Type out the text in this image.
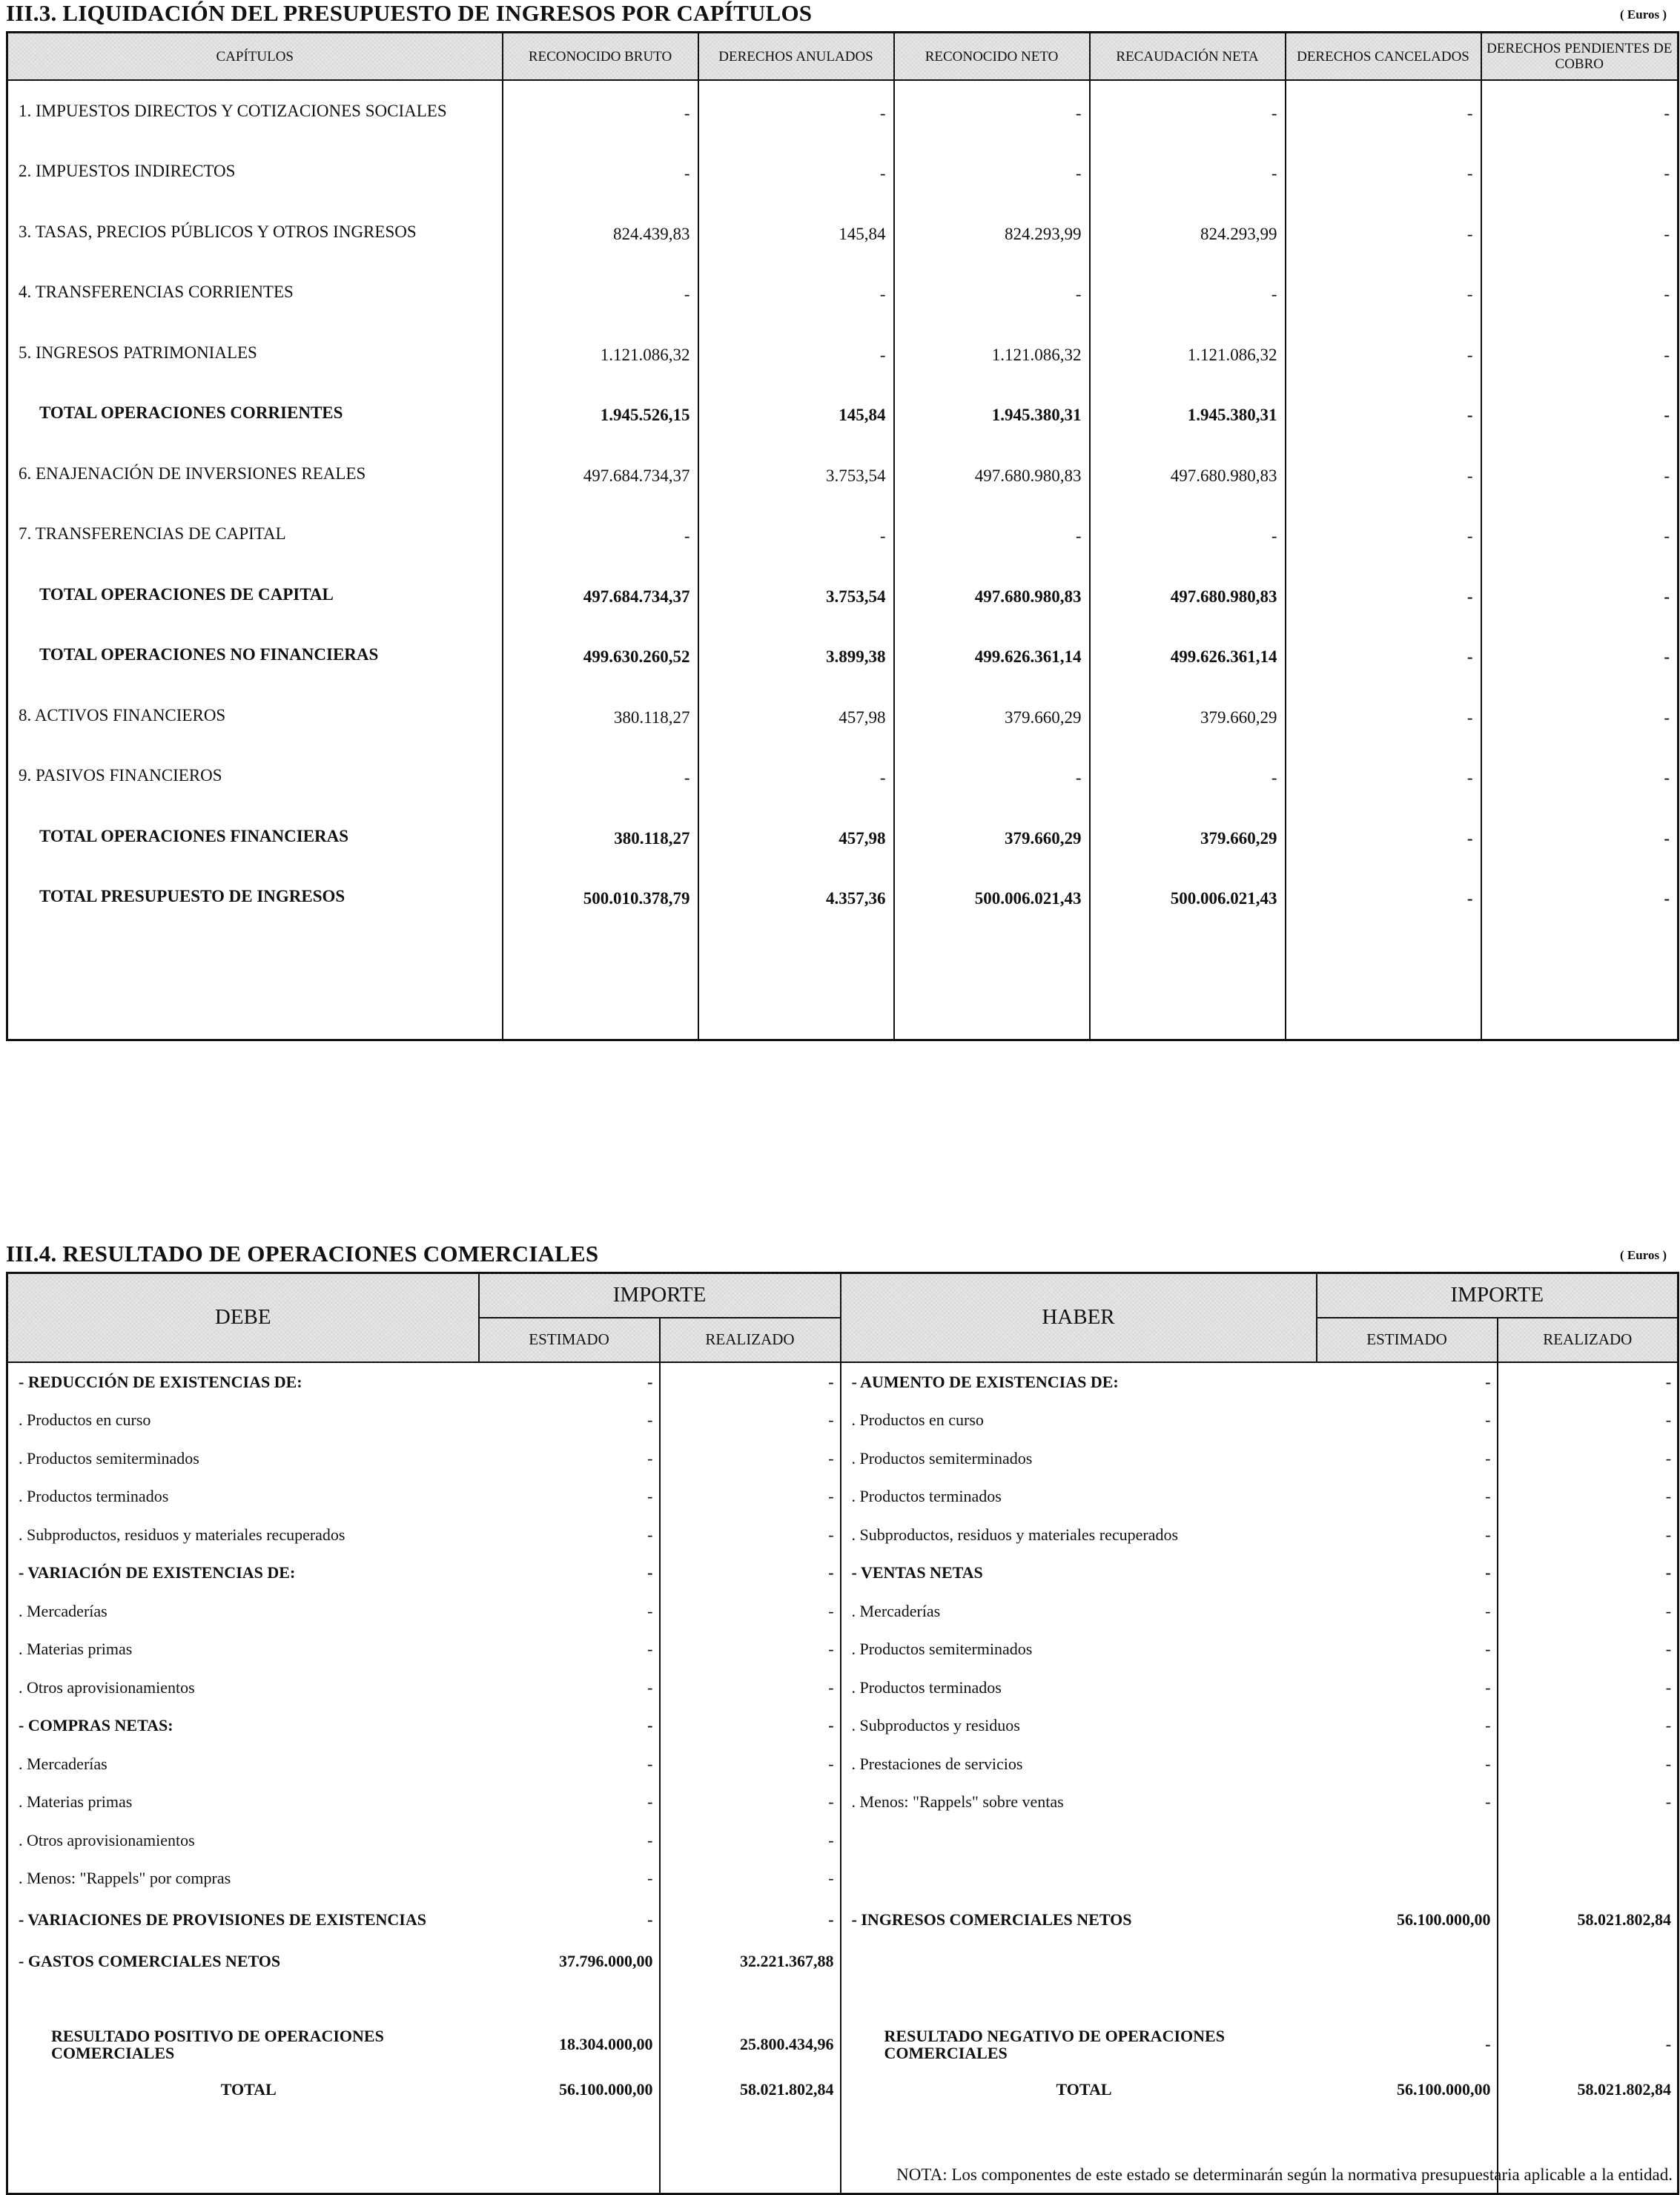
III.3. LIQUIDACIÓN DEL PRESUPUESTO DE INGRESOS POR CAPÍTULOS	( Euros )
CAPÍTULOS	RECONOCIDO BRUTO	DERECHOS ANULADOS	RECONOCIDO NETO	RECAUDACIÓN NETA	DERECHOS CANCELADOS	DERECHOS PENDIENTES DE COBRO
1. IMPUESTOS DIRECTOS Y COTIZACIONES SOCIALES	-	-	-	-	-	-
2. IMPUESTOS INDIRECTOS	-	-	-	-	-	-
3. TASAS, PRECIOS PÚBLICOS Y OTROS INGRESOS	824.439,83	145,84	824.293,99	824.293,99	-	-
4. TRANSFERENCIAS CORRIENTES	-	-	-	-	-	-
5. INGRESOS PATRIMONIALES	1.121.086,32	-	1.121.086,32	1.121.086,32	-	-
TOTAL OPERACIONES CORRIENTES	1.945.526,15	145,84	1.945.380,31	1.945.380,31	-	-
6. ENAJENACIÓN DE INVERSIONES REALES	497.684.734,37	3.753,54	497.680.980,83	497.680.980,83	-	-
7. TRANSFERENCIAS DE CAPITAL	-	-	-	-	-	-
TOTAL OPERACIONES DE CAPITAL	497.684.734,37	3.753,54	497.680.980,83	497.680.980,83	-	-
TOTAL OPERACIONES NO FINANCIERAS	499.630.260,52	3.899,38	499.626.361,14	499.626.361,14	-	-
8. ACTIVOS FINANCIEROS	380.118,27	457,98	379.660,29	379.660,29	-	-
9. PASIVOS FINANCIEROS	-	-	-	-	-	-
TOTAL OPERACIONES FINANCIERAS	380.118,27	457,98	379.660,29	379.660,29	-	-
TOTAL PRESUPUESTO DE INGRESOS	500.010.378,79	4.357,36	500.006.021,43	500.006.021,43	-	-

III.4. RESULTADO DE OPERACIONES COMERCIALES	( Euros )
DEBE	IMPORTE		HABER	IMPORTE	
	ESTIMADO	REALIZADO		ESTIMADO	REALIZADO
- REDUCCIÓN DE EXISTENCIAS DE:	-	-	- AUMENTO DE EXISTENCIAS DE:	-	-
. Productos en curso	-	-	. Productos en curso	-	-
. Productos semiterminados	-	-	. Productos semiterminados	-	-
. Productos terminados	-	-	. Productos terminados	-	-
. Subproductos, residuos y materiales recuperados	-	-	. Subproductos, residuos y materiales recuperados	-	-
- VARIACIÓN DE EXISTENCIAS DE:	-	-	- VENTAS NETAS	-	-
. Mercaderías	-	-	. Mercaderías	-	-
. Materias primas	-	-	. Productos semiterminados	-	-
. Otros aprovisionamientos	-	-	. Productos terminados	-	-
- COMPRAS NETAS:	-	-	. Subproductos y residuos	-	-
. Mercaderías	-	-	. Prestaciones de servicios	-	-
. Materias primas	-	-	. Menos: "Rappels" sobre ventas	-	-
. Otros aprovisionamientos	-	-			
. Menos: "Rappels" por compras	-	-			
- VARIACIONES DE PROVISIONES DE EXISTENCIAS	-	-	- INGRESOS COMERCIALES NETOS	56.100.000,00	58.021.802,84
- GASTOS COMERCIALES NETOS	37.796.000,00	32.221.367,88			

RESULTADO POSITIVO DE OPERACIONES COMERCIALES	18.304.000,00	25.800.434,96	RESULTADO NEGATIVO DE OPERACIONES COMERCIALES	-	-
TOTAL	56.100.000,00	58.021.802,84	TOTAL	56.100.000,00	58.021.802,84

NOTA: Los componentes de este estado se determinarán según la normativa presupuestaria aplicable a la entidad.
